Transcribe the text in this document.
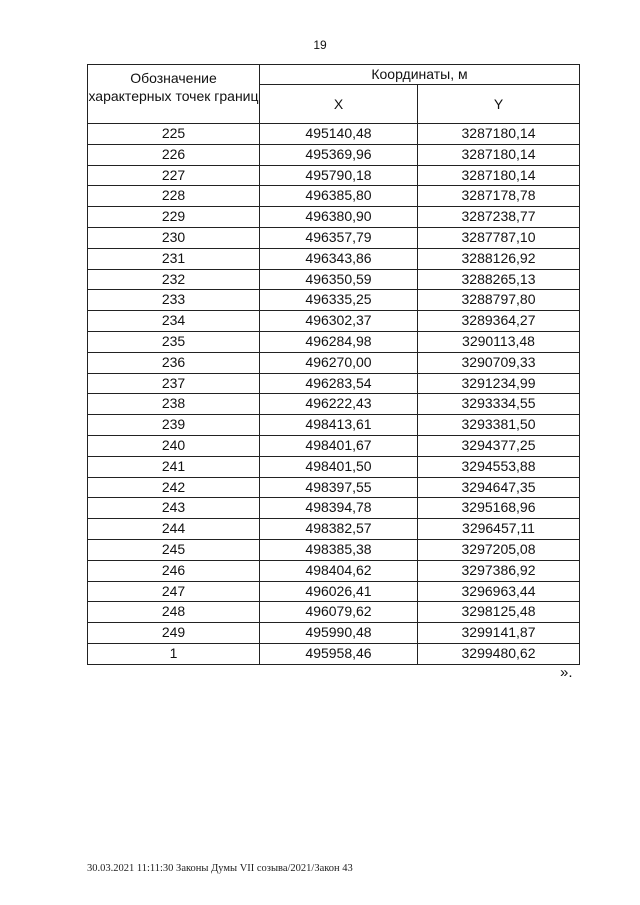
19
Обозначение характерных точек границ	Координаты, м	
	X	Y
225	495140,48	3287180,14
226	495369,96	3287180,14
227	495790,18	3287180,14
228	496385,80	3287178,78
229	496380,90	3287238,77
230	496357,79	3287787,10
231	496343,86	3288126,92
232	496350,59	3288265,13
233	496335,25	3288797,80
234	496302,37	3289364,27
235	496284,98	3290113,48
236	496270,00	3290709,33
237	496283,54	3291234,99
238	496222,43	3293334,55
239	498413,61	3293381,50
240	498401,67	3294377,25
241	498401,50	3294553,88
242	498397,55	3294647,35
243	498394,78	3295168,96
244	498382,57	3296457,11
245	498385,38	3297205,08
246	498404,62	3297386,92
247	496026,41	3296963,44
248	496079,62	3298125,48
249	495990,48	3299141,87
1	495958,46	3299480,62
».
30.03.2021 11:11:30 Законы Думы VII созыва/2021/Закон 43
